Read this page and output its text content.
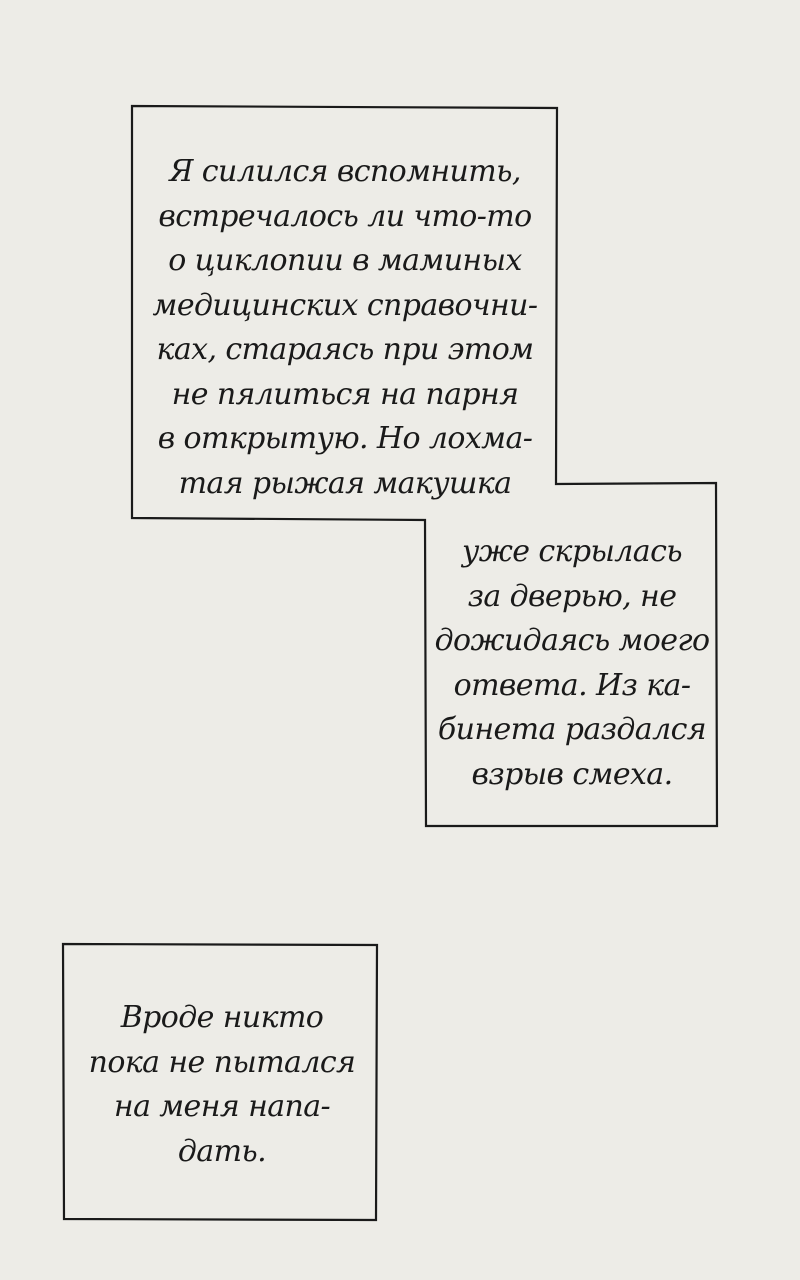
Я силился вспомнить,
встречалось ли что-то
о циклопии в маминых
медицинских справочни-
ках, стараясь при этом
не пялиться на парня
в открытую. Но лохма-
тая рыжая макушка

уже скрылась
за дверью, не
дожидаясь моего
ответа. Из ка-
бинета раздался
взрыв смеха.

Вроде никто
пока не пытался
на меня напа-
дать.
